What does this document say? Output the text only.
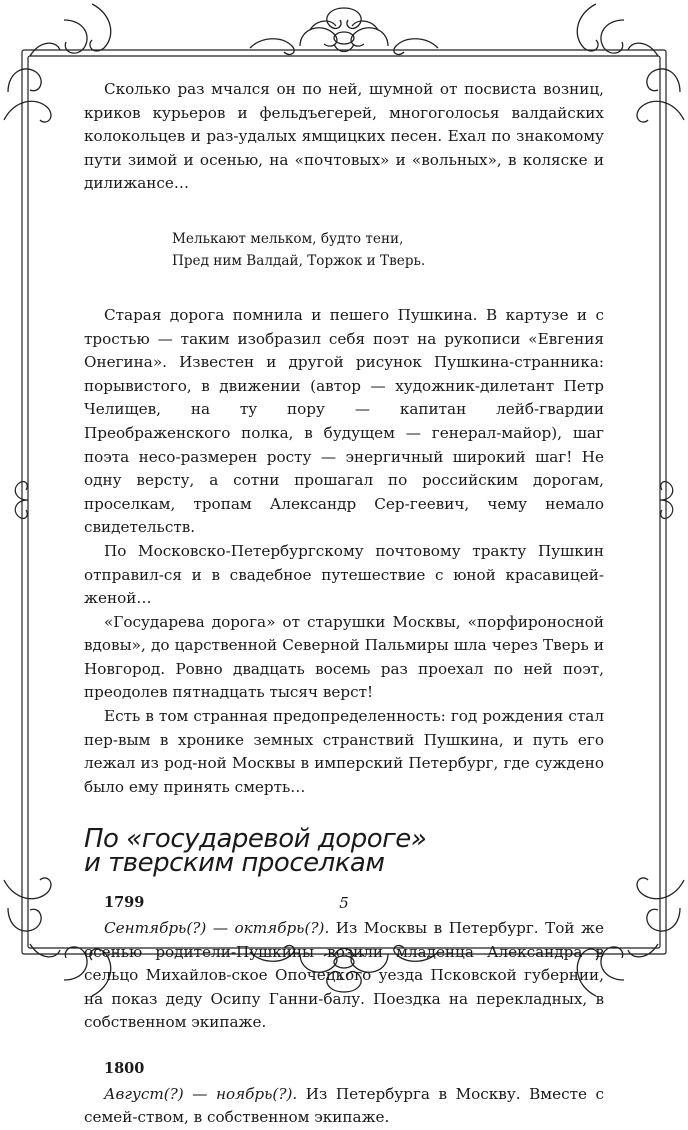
Сколько раз мчался он по ней, шумной от посвиста возниц, криков курьеров и фельдъегерей, многоголосья валдайских колокольцев и раз-удалых ямщицких песен. Ехал по знакомому пути зимой и осенью, на «почтовых» и «вольных», в коляске и дилижансе…

Мелькают мельком, будто тени,
Пред ним Валдай, Торжок и Тверь.

Старая дорога помнила и пешего Пушкина. В картузе и с тростью — таким изобразил себя поэт на рукописи «Евгения Онегина». Известен и другой рисунок Пушкина-странника: порывистого, в движении (автор — художник-дилетант Петр Челищев, на ту пору — капитан лейб-гвардии Преображенского полка, в будущем — генерал-майор), шаг поэта несо-размерен росту — энергичный широкий шаг! Не одну версту, а сотни прошагал по российским дорогам, проселкам, тропам Александр Сер-геевич, чему немало свидетельств.

По Московско-Петербургскому почтовому тракту Пушкин отправил-ся и в свадебное путешествие с юной красавицей-женой…

«Государева дорога» от старушки Москвы, «порфироносной вдовы», до царственной Северной Пальмиры шла через Тверь и Новгород. Ровно двадцать восемь раз проехал по ней поэт, преодолев пятнадцать тысяч верст!

Есть в том странная предопределенность: год рождения стал пер-вым в хронике земных странствий Пушкина, и путь его лежал из род-ной Москвы в имперский Петербург, где суждено было ему принять смерть…

По «государевой дороге»
и тверским проселкам
1799

Сентябрь(?) — октябрь(?). Из Москвы в Петербург. Той же осенью родители-Пушкины возили младенца Александра в сельцо Михайлов-ское Опочецкого уезда Псковской губернии, на показ деду Осипу Ганни-балу. Поездка на перекладных, в собственном экипаже.

1800

Август(?) — ноябрь(?). Из Петербурга в Москву. Вместе с семей-ством, в собственном экипаже.

5
